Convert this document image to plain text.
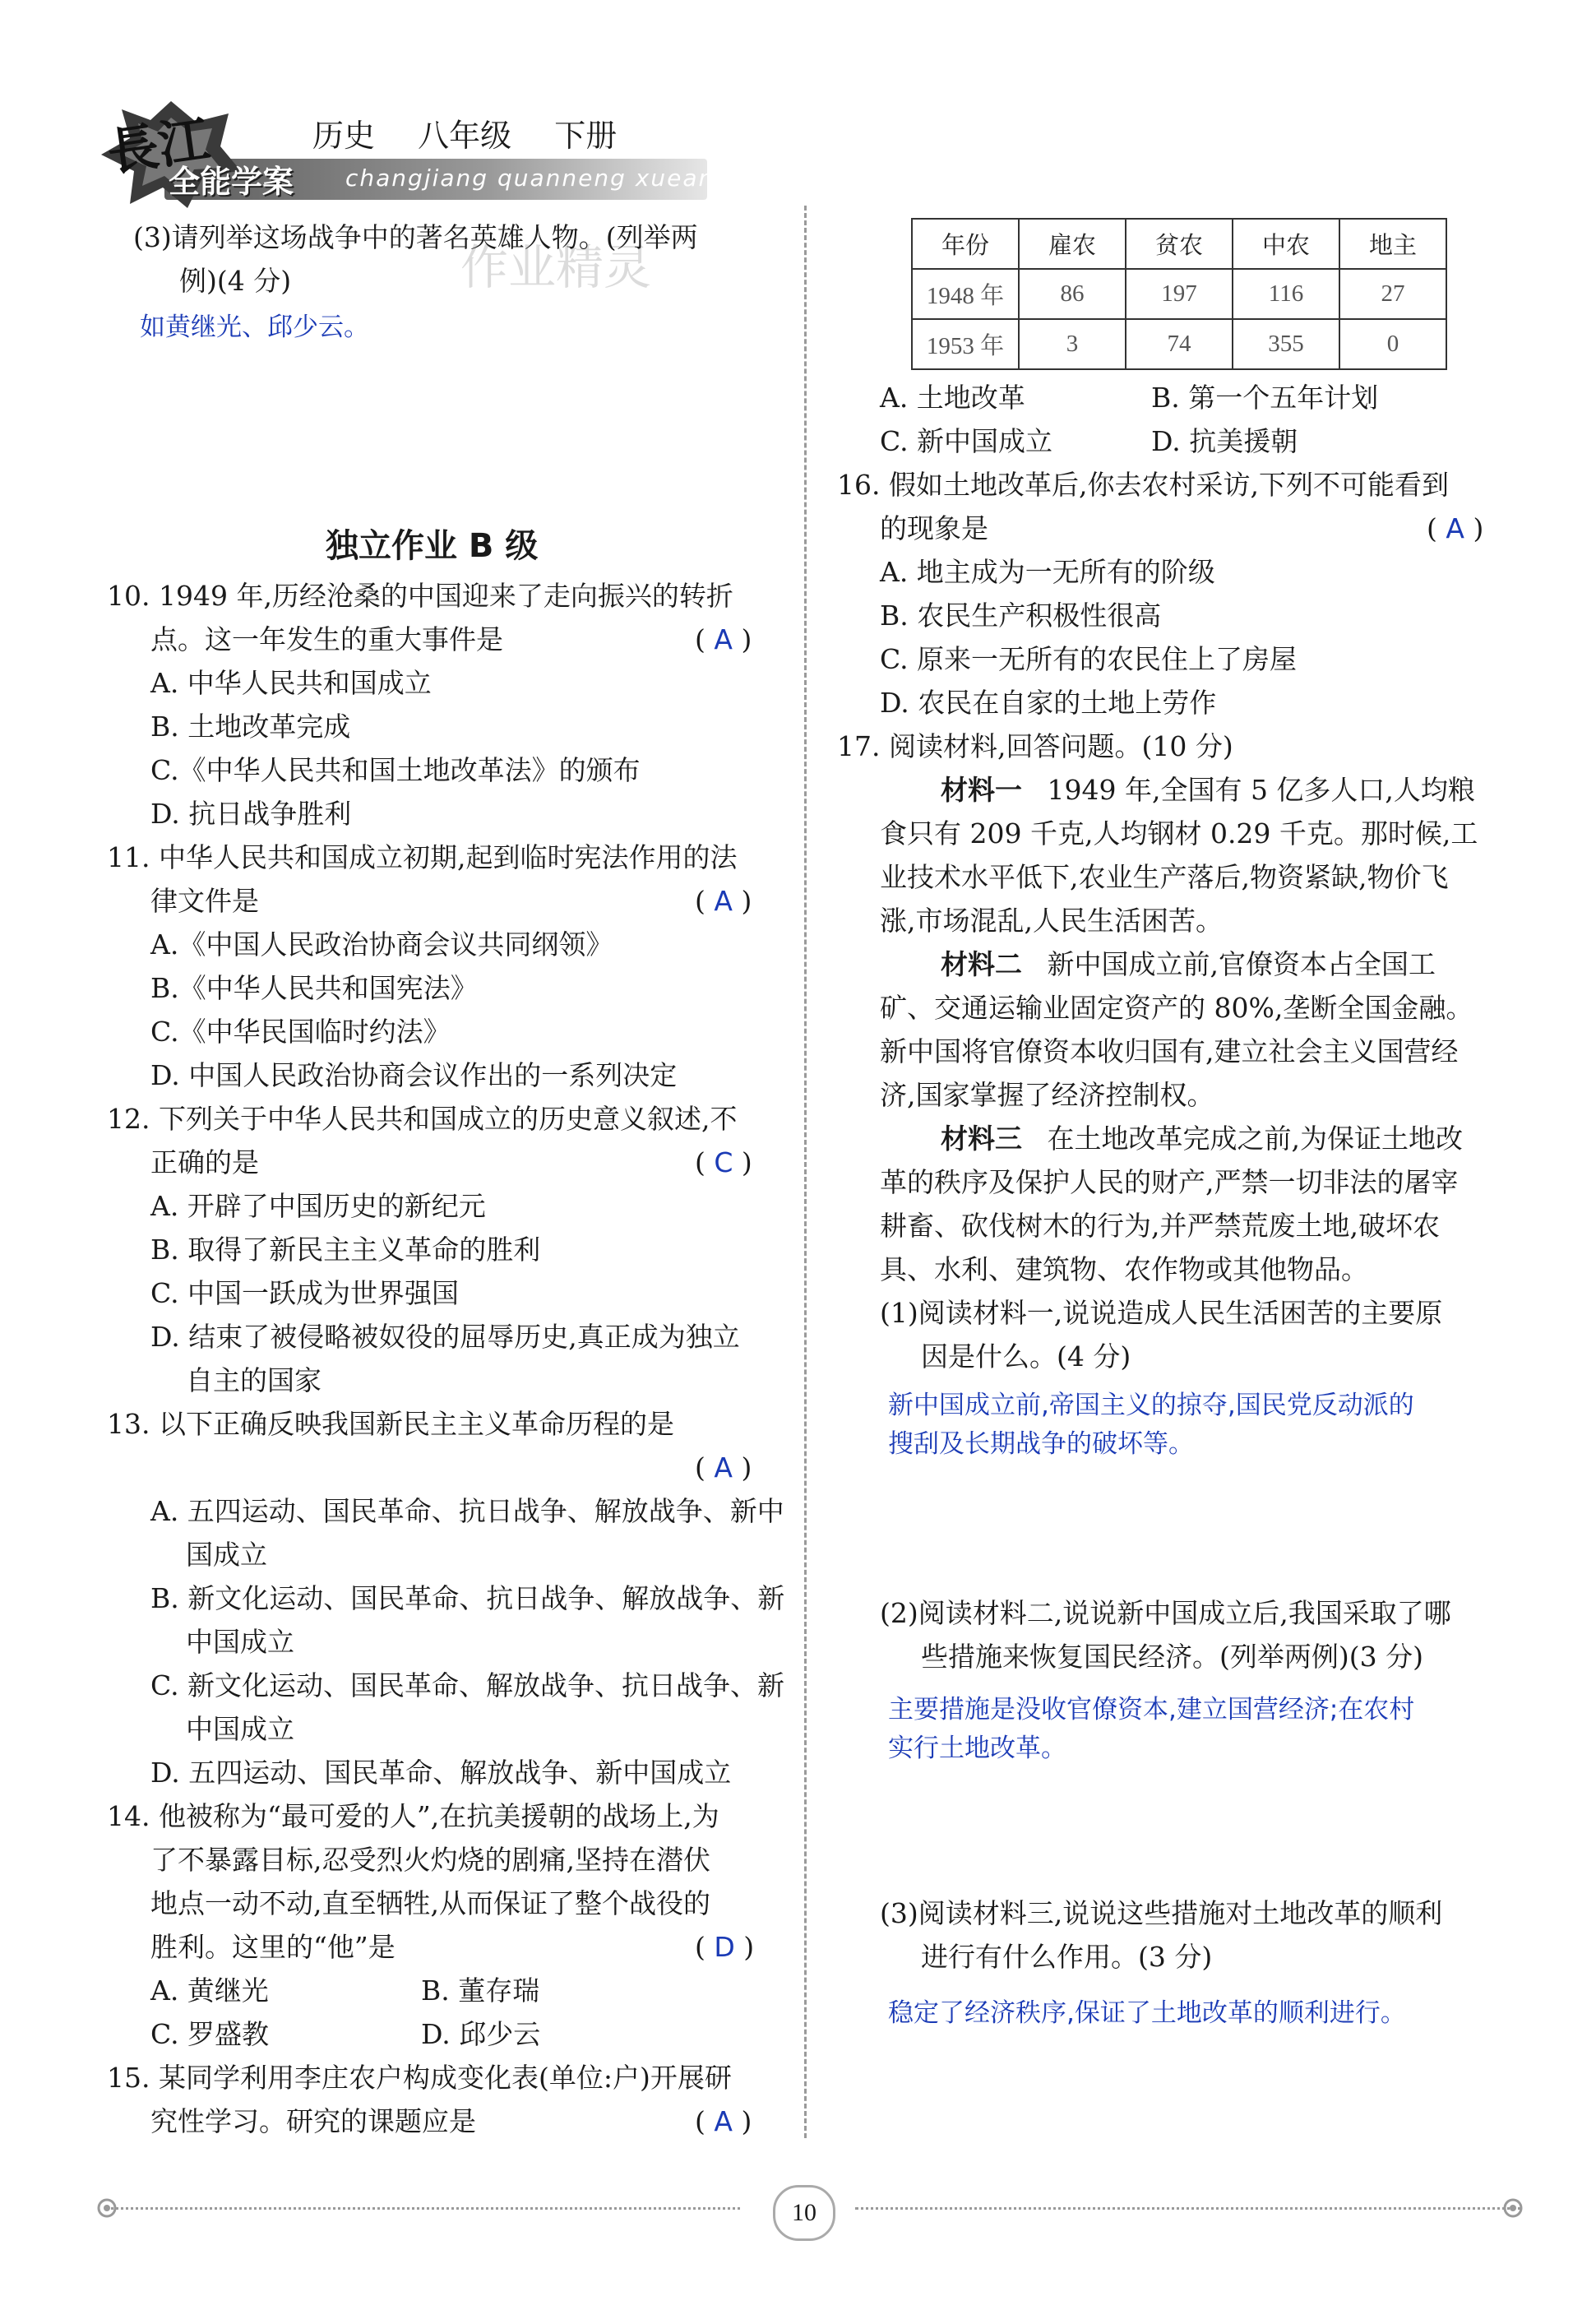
長江
全能学案
历史 八年级 下册
changjiang quanneng xuean
作业精灵
(3)请列举这场战争中的著名英雄人物。(列举两
例)(4 分)
如黄继光、邱少云。
独立作业 B 级
10. 1949 年,历经沧桑的中国迎来了走向振兴的转折
点。这一年发生的重大事件是	( A )
A. 中华人民共和国成立
B. 土地改革完成
C.《中华人民共和国土地改革法》的颁布
D. 抗日战争胜利
11. 中华人民共和国成立初期,起到临时宪法作用的法
律文件是	( A )
A.《中国人民政治协商会议共同纲领》
B.《中华人民共和国宪法》
C.《中华民国临时约法》
D. 中国人民政治协商会议作出的一系列决定
12. 下列关于中华人民共和国成立的历史意义叙述,不
正确的是	( C )
A. 开辟了中国历史的新纪元
B. 取得了新民主主义革命的胜利
C. 中国一跃成为世界强国
D. 结束了被侵略被奴役的屈辱历史,真正成为独立
自主的国家
13. 以下正确反映我国新民主主义革命历程的是
( A )
A. 五四运动、国民革命、抗日战争、解放战争、新中
国成立
B. 新文化运动、国民革命、抗日战争、解放战争、新
中国成立
C. 新文化运动、国民革命、解放战争、抗日战争、新
中国成立
D. 五四运动、国民革命、解放战争、新中国成立
14. 他被称为“最可爱的人”,在抗美援朝的战场上,为
了不暴露目标,忍受烈火灼烧的剧痛,坚持在潜伏
地点一动不动,直至牺牲,从而保证了整个战役的
胜利。这里的“他”是	( D )
A. 黄继光	B. 董存瑞
C. 罗盛教	D. 邱少云
15. 某同学利用李庄农户构成变化表(单位:户)开展研
究性学习。研究的课题应是	( A )
年份	雇农	贫农	中农	地主
1948 年	86	197	116	27
1953 年	3	74	355	0
A. 土地改革	B. 第一个五年计划
C. 新中国成立	D. 抗美援朝
16. 假如土地改革后,你去农村采访,下列不可能看到
的现象是	( A )
A. 地主成为一无所有的阶级
B. 农民生产积极性很高
C. 原来一无所有的农民住上了房屋
D. 农民在自家的土地上劳作
17. 阅读材料,回答问题。(10 分)
材料一 1949 年,全国有 5 亿多人口,人均粮
食只有 209 千克,人均钢材 0.29 千克。那时候,工
业技术水平低下,农业生产落后,物资紧缺,物价飞
涨,市场混乱,人民生活困苦。
材料二 新中国成立前,官僚资本占全国工
矿、交通运输业固定资产的 80%,垄断全国金融。
新中国将官僚资本收归国有,建立社会主义国营经
济,国家掌握了经济控制权。
材料三 在土地改革完成之前,为保证土地改
革的秩序及保护人民的财产,严禁一切非法的屠宰
耕畜、砍伐树木的行为,并严禁荒废土地,破坏农
具、水利、建筑物、农作物或其他物品。
(1)阅读材料一,说说造成人民生活困苦的主要原
因是什么。(4 分)
新中国成立前,帝国主义的掠夺,国民党反动派的
搜刮及长期战争的破坏等。
(2)阅读材料二,说说新中国成立后,我国采取了哪
些措施来恢复国民经济。(列举两例)(3 分)
主要措施是没收官僚资本,建立国营经济;在农村
实行土地改革。
(3)阅读材料三,说说这些措施对土地改革的顺利
进行有什么作用。(3 分)
稳定了经济秩序,保证了土地改革的顺利进行。
10
